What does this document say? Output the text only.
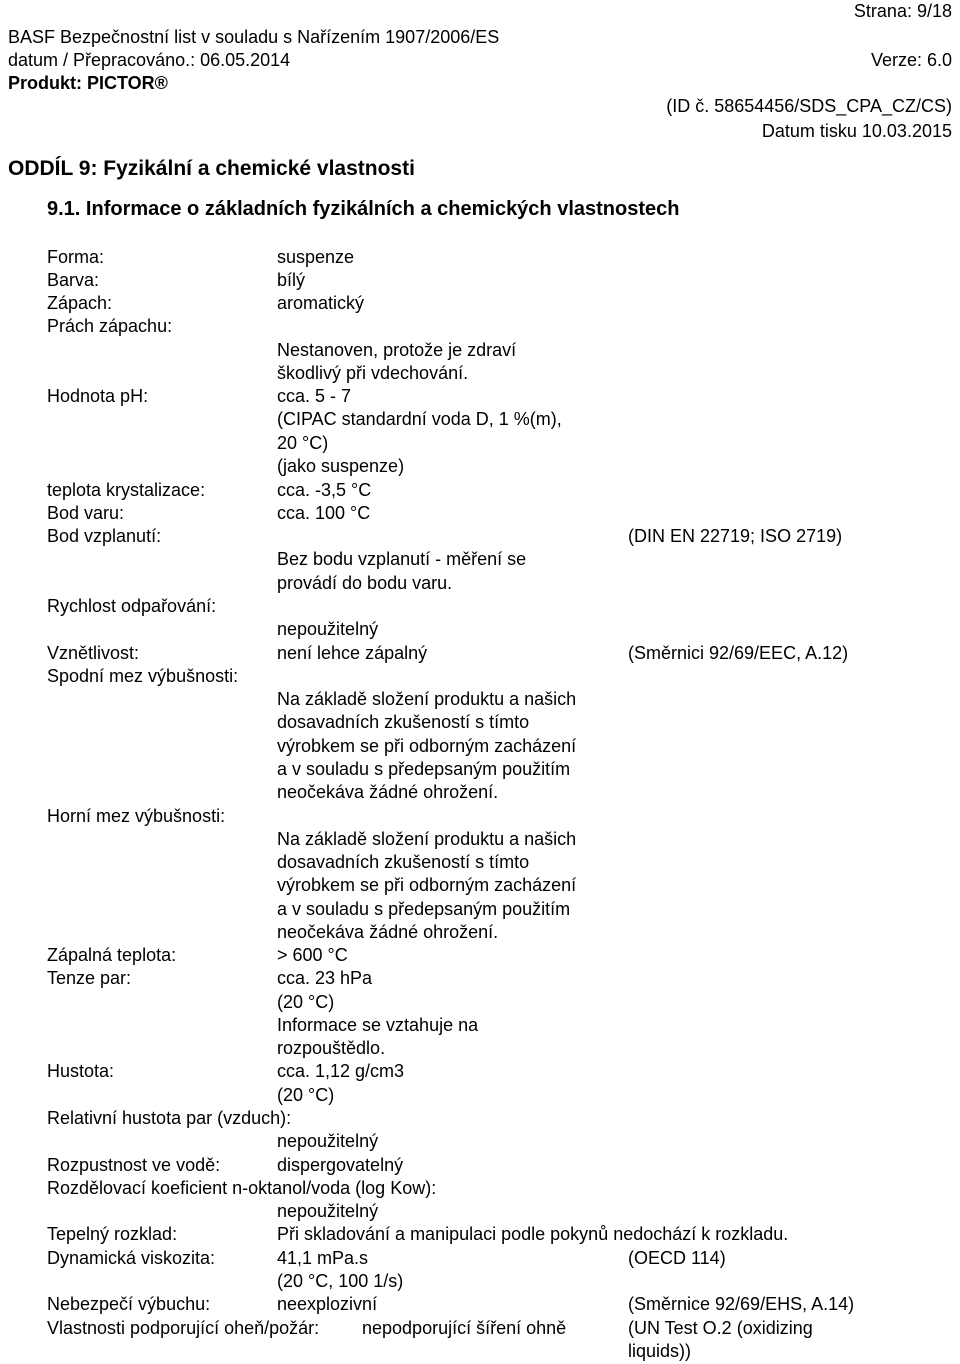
Strana: 9/18
BASF Bezpečnostní list v souladu s Nařízením 1907/2006/ES
datum / Přepracováno.: 06.05.2014	Verze: 6.0
Produkt: PICTOR®
(ID č. 58654456/SDS_CPA_CZ/CS)
Datum tisku 10.03.2015
ODDÍL 9: Fyzikální a chemické vlastnosti
9.1. Informace o základních fyzikálních a chemických vlastnostech
Forma:	suspenze
Barva:	bílý
Zápach:	aromatický
Prách zápachu:
Nestanoven, protože je zdraví
škodlivý při vdechování.
Hodnota pH:	cca. 5 - 7
(CIPAC standardní voda D, 1 %(m),
20 °C)
(jako suspenze)
teplota krystalizace:	cca. -3,5 °C
Bod varu:	cca. 100 °C
Bod vzplanutí:	(DIN EN 22719; ISO 2719)
Bez bodu vzplanutí - měření se
provádí do bodu varu.
Rychlost odpařování:
nepoužitelný
Vznětlivost:	není lehce zápalný	(Směrnici 92/69/EEC, A.12)
Spodní mez výbušnosti:
Na základě složení produktu a našich
dosavadních zkušeností s tímto
výrobkem se při odborným zacházení
a v souladu s předepsaným použitím
neočekáva žádné ohrožení.
Horní mez výbušnosti:
Na základě složení produktu a našich
dosavadních zkušeností s tímto
výrobkem se při odborným zacházení
a v souladu s předepsaným použitím
neočekáva žádné ohrožení.
Zápalná teplota:	> 600 °C
Tenze par:	cca. 23 hPa
(20 °C)
Informace se vztahuje na
rozpouštědlo.
Hustota:	cca. 1,12 g/cm3
(20 °C)
Relativní hustota par (vzduch):
nepoužitelný
Rozpustnost ve vodě:	dispergovatelný
Rozdělovací koeficient n-oktanol/voda (log Kow):
nepoužitelný
Tepelný rozklad:	Při skladování a manipulaci podle pokynů nedochází k rozkladu.
Dynamická viskozita:	41,1 mPa.s	(OECD 114)
(20 °C, 100 1/s)
Nebezpečí výbuchu:	neexplozivní	(Směrnice 92/69/EHS, A.14)
Vlastnosti podporující oheň/požár: nepodporující šíření ohně	(UN Test O.2 (oxidizing
liquids))
